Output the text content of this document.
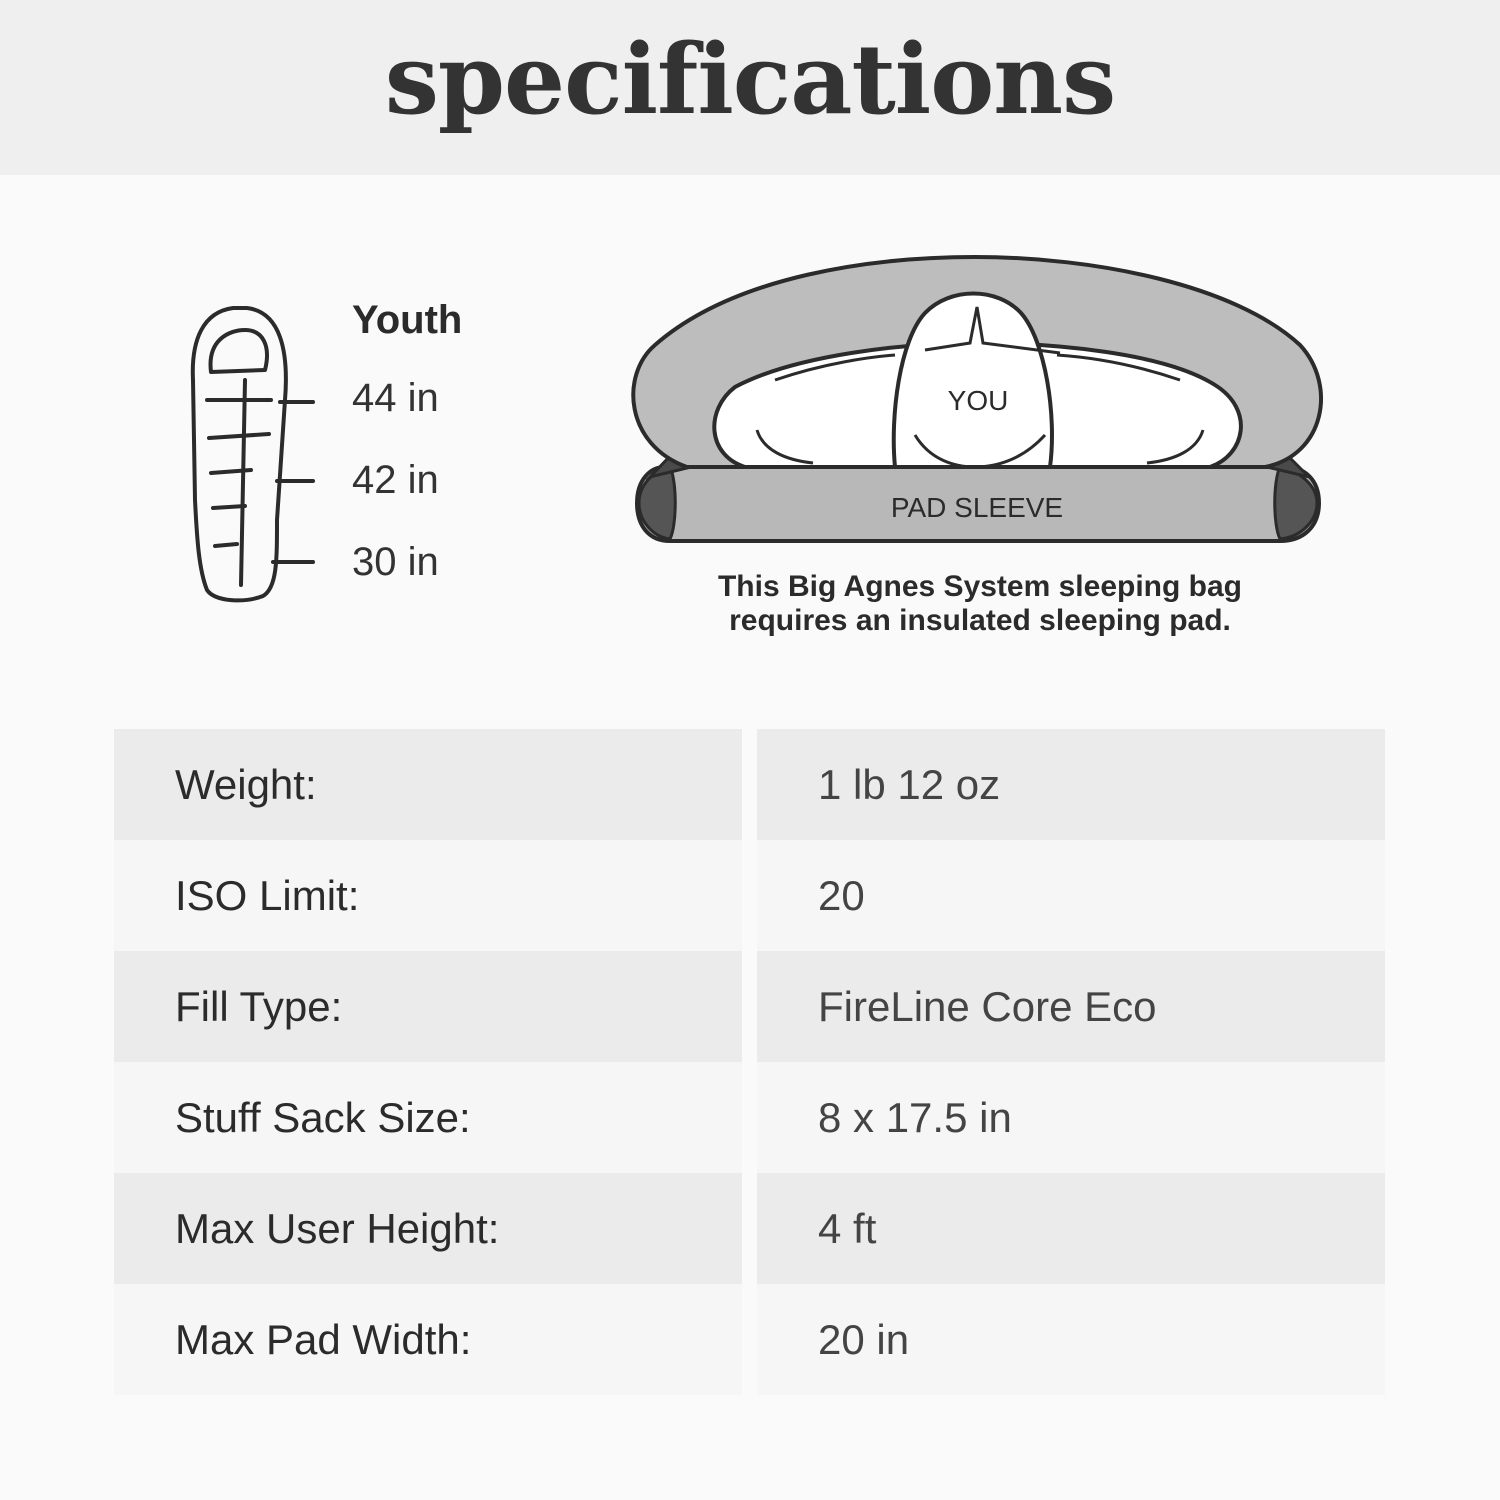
specifications
Youth
44 in
42 in
30 in
YOU
PAD SLEEVE
This Big Agnes System sleeping bag
requires an insulated sleeping pad.
Weight:	1 lb 12 oz
ISO Limit:	20
Fill Type:	FireLine Core Eco
Stuff Sack Size:	8 x 17.5 in
Max User Height:	4 ft
Max Pad Width:	20 in
